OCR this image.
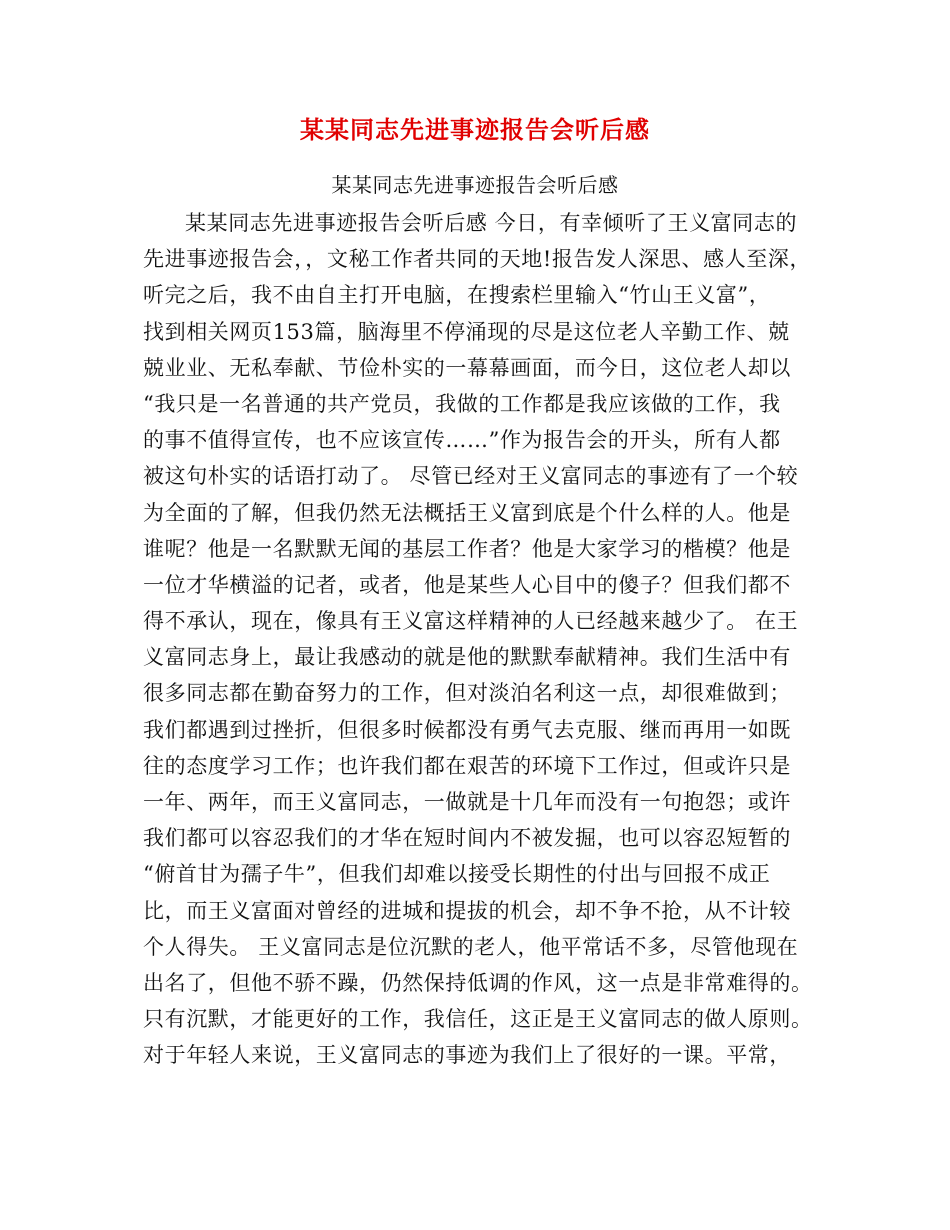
某某同志先进事迹报告会听后感

某某同志先进事迹报告会听后感

某某同志先进事迹报告会听后感 今日，有幸倾听了王义富同志的
先进事迹报告会，，文秘工作者共同的天地!报告发人深思、感人至深，
听完之后，我不由自主打开电脑，在搜索栏里输入“竹山王义富”，
找到相关网页153篇，脑海里不停涌现的尽是这位老人辛勤工作、兢
兢业业、无私奉献、节俭朴实的一幕幕画面，而今日，这位老人却以
“我只是一名普通的共产党员，我做的工作都是我应该做的工作，我
的事不值得宣传，也不应该宣传……”作为报告会的开头，所有人都
被这句朴实的话语打动了。 尽管已经对王义富同志的事迹有了一个较
为全面的了解，但我仍然无法概括王义富到底是个什么样的人。他是
谁呢？他是一名默默无闻的基层工作者？他是大家学习的楷模？他是
一位才华横溢的记者，或者，他是某些人心目中的傻子？但我们都不
得不承认，现在，像具有王义富这样精神的人已经越来越少了。 在王
义富同志身上，最让我感动的就是他的默默奉献精神。我们生活中有
很多同志都在勤奋努力的工作，但对淡泊名利这一点，却很难做到；
我们都遇到过挫折，但很多时候都没有勇气去克服、继而再用一如既
往的态度学习工作；也许我们都在艰苦的环境下工作过，但或许只是
一年、两年，而王义富同志，一做就是十几年而没有一句抱怨；或许
我们都可以容忍我们的才华在短时间内不被发掘，也可以容忍短暂的
“俯首甘为孺子牛”，但我们却难以接受长期性的付出与回报不成正
比，而王义富面对曾经的进城和提拔的机会，却不争不抢，从不计较
个人得失。 王义富同志是位沉默的老人，他平常话不多，尽管他现在
出名了，但他不骄不躁，仍然保持低调的作风，这一点是非常难得的。
只有沉默，才能更好的工作，我信任，这正是王义富同志的做人原则。
对于年轻人来说，王义富同志的事迹为我们上了很好的一课。平常，
